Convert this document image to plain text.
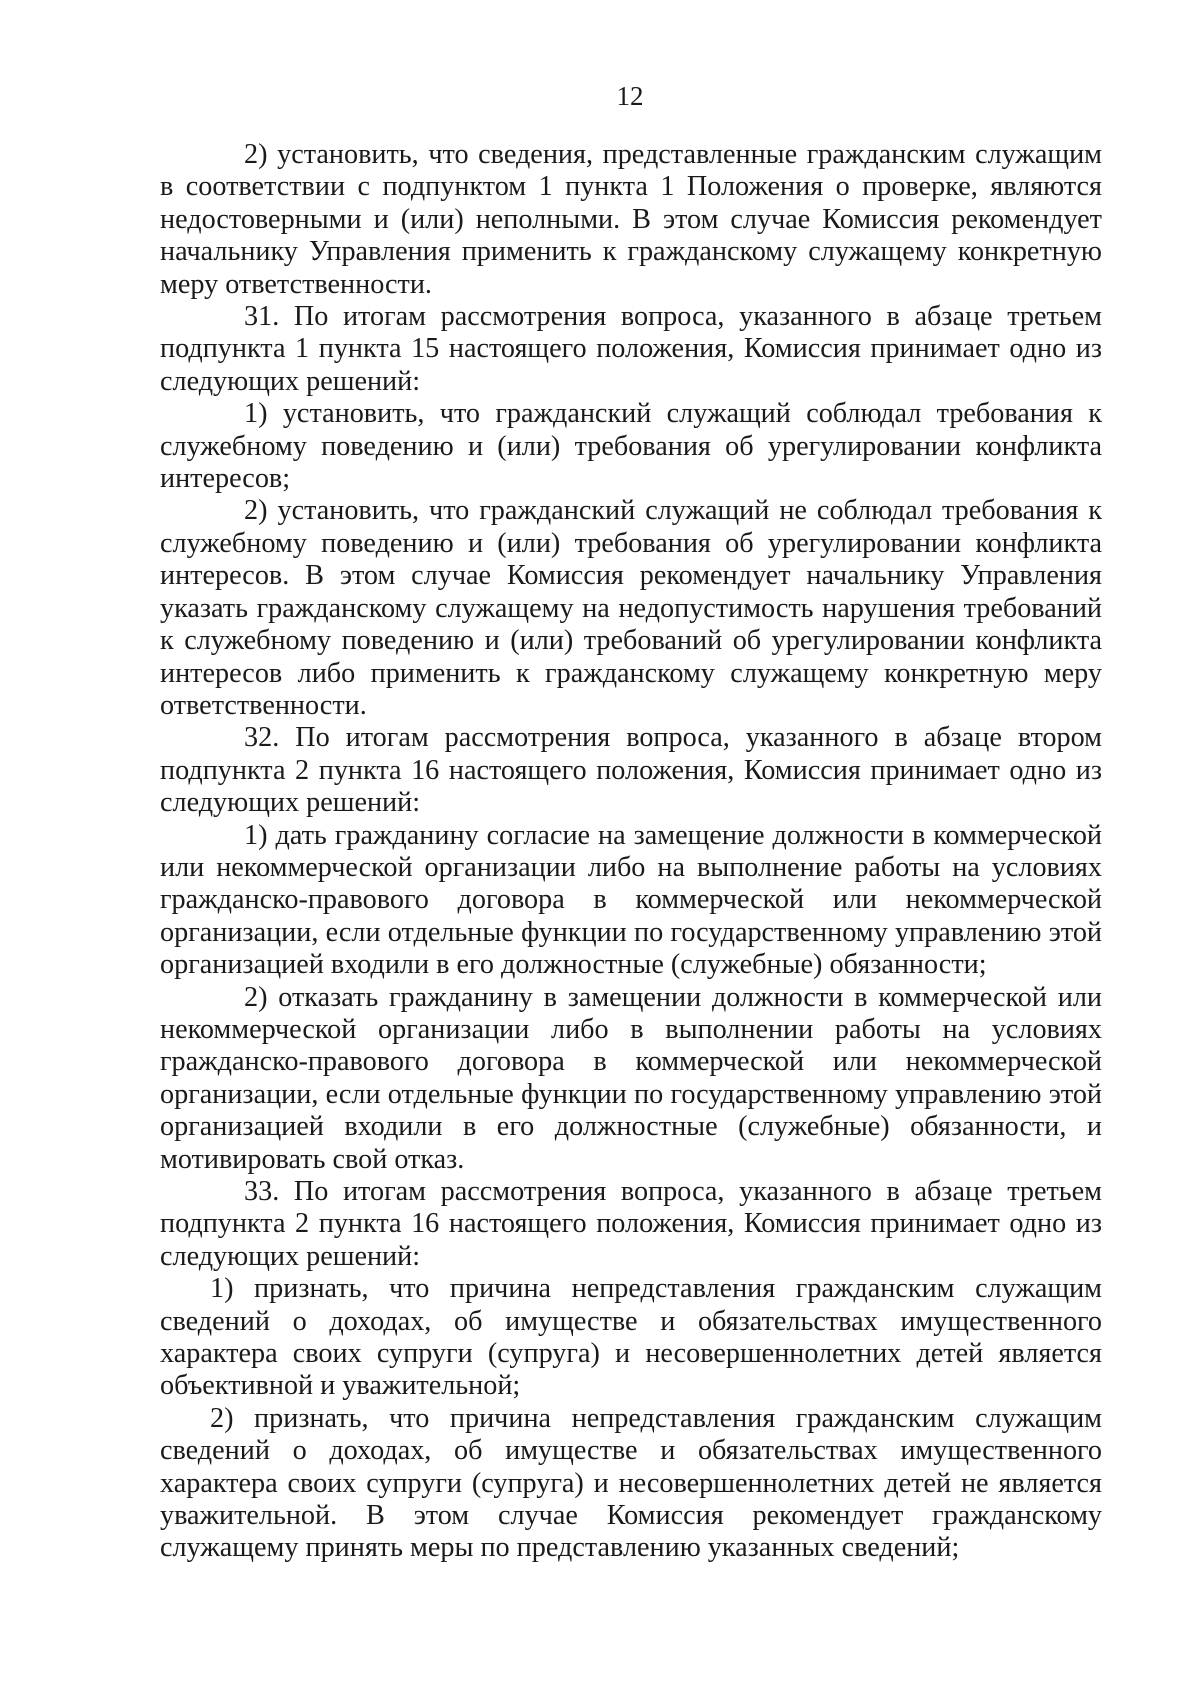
12

2) установить, что сведения, представленные гражданским служащим в соответствии с подпунктом 1 пункта 1 Положения о проверке, являются недостоверными и (или) неполными. В этом случае Комиссия рекомендует начальнику Управления применить к гражданскому служащему конкретную меру ответственности.

31. По итогам рассмотрения вопроса, указанного в абзаце третьем подпункта 1 пункта 15 настоящего положения, Комиссия принимает одно из следующих решений:

1) установить, что гражданский служащий соблюдал требования к служебному поведению и (или) требования об урегулировании конфликта интересов;

2) установить, что гражданский служащий не соблюдал требования к служебному поведению и (или) требования об урегулировании конфликта интересов. В этом случае Комиссия рекомендует начальнику Управления указать гражданскому служащему на недопустимость нарушения требований к служебному поведению и (или) требований об урегулировании конфликта интересов либо применить к гражданскому служащему конкретную меру ответственности.

32. По итогам рассмотрения вопроса, указанного в абзаце втором подпункта 2 пункта 16 настоящего положения, Комиссия принимает одно из следующих решений:

1) дать гражданину согласие на замещение должности в коммерческой или некоммерческой организации либо на выполнение работы на условиях гражданско-правового договора в коммерческой или некоммерческой организации, если отдельные функции по государственному управлению этой организацией входили в его должностные (служебные) обязанности;

2) отказать гражданину в замещении должности в коммерческой или некоммерческой организации либо в выполнении работы на условиях гражданско-правового договора в коммерческой или некоммерческой организации, если отдельные функции по государственному управлению этой организацией входили в его должностные (служебные) обязанности, и мотивировать свой отказ.

33. По итогам рассмотрения вопроса, указанного в абзаце третьем подпункта 2 пункта 16 настоящего положения, Комиссия принимает одно из следующих решений:

1) признать, что причина непредставления гражданским служащим сведений о доходах, об имуществе и обязательствах имущественного характера своих супруги (супруга) и несовершеннолетних детей является объективной и уважительной;

2) признать, что причина непредставления гражданским служащим сведений о доходах, об имуществе и обязательствах имущественного характера своих супруги (супруга) и несовершеннолетних детей не является уважительной. В этом случае Комиссия рекомендует гражданскому служащему принять меры по представлению указанных сведений;
